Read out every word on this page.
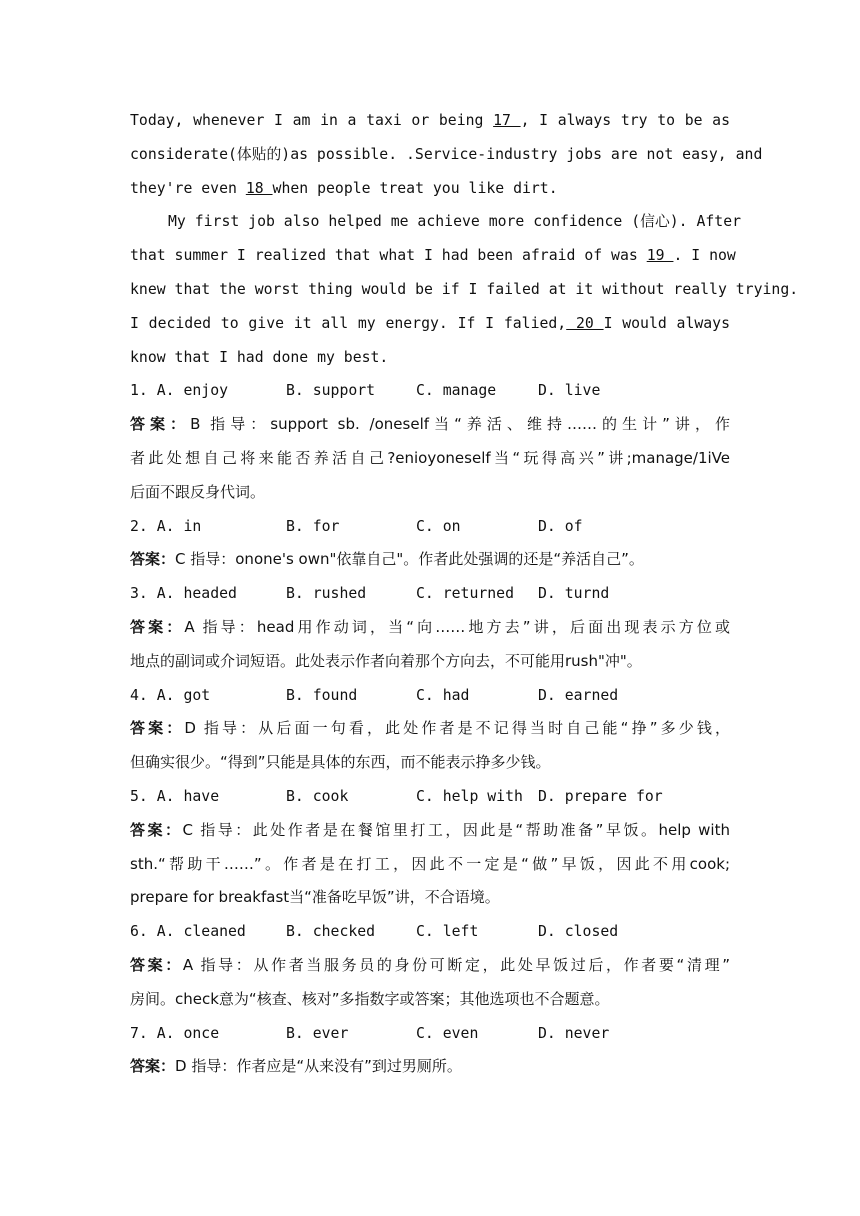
Today, whenever I am in a taxi or being 17 , I always try to be as
considerate(体贴的)as possible. .Service-industry jobs are not easy, and
they're even 18 when people treat you like dirt.
My first job also helped me achieve more confidence (信心). After
that summer I realized that what I had been afraid of was 19 . I now
knew that the worst thing would be if I failed at it without really trying.
I decided to give it all my energy. If I falied, 20 I would always
know that I had done my best.
1. A. enjoy	B. support	C. manage	D. live
答案：B 指导：support sb. /oneself当“养活、维持……的生计”讲，作
者此处想自己将来能否养活自己?enioyoneself当“玩得高兴”讲;manage/1iVe
后面不跟反身代词。
2. A. in	B. for	C. on	D. of
答案：C 指导：onone's own"依靠自己"。作者此处强调的还是“养活自己”。
3. A. headed	B. rushed	C. returned	D. turnd
答案：A 指导：head用作动词，当“向……地方去”讲，后面出现表示方位或
地点的副词或介词短语。此处表示作者向着那个方向去，不可能用rush"冲"。
4. A. got	B. found	C. had	D. earned
答案：D 指导：从后面一句看，此处作者是不记得当时自己能“挣”多少钱，
但确实很少。“得到”只能是具体的东西，而不能表示挣多少钱。
5. A. have	B. cook	C. help with	D. prepare for
答案：C 指导：此处作者是在餐馆里打工，因此是“帮助准备”早饭。help with
sth.“帮助干……”。作者是在打工，因此不一定是“做”早饭，因此不用cook;
prepare for breakfast当“准备吃早饭”讲，不合语境。
6. A. cleaned	B. checked	C. left	D. closed
答案：A 指导：从作者当服务员的身份可断定，此处早饭过后，作者要“清理”
房间。check意为“核查、核对”多指数字或答案；其他选项也不合题意。
7. A. once	B. ever	C. even	D. never
答案：D 指导：作者应是“从来没有”到过男厕所。
